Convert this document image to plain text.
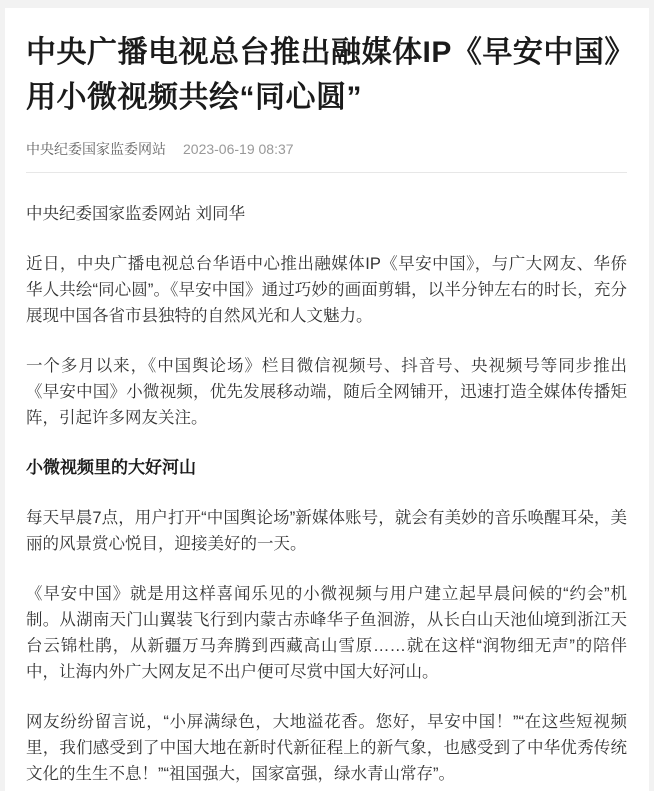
中央广播电视总台推出融媒体IP《早安中国》用小微视频共绘“同心圆”
中央纪委国家监委网站 2023-06-19 08:37

中央纪委国家监委网站 刘同华

近日，中央广播电视总台华语中心推出融媒体IP《早安中国》，与广大网友、华侨华人共绘“同心圆”。《早安中国》通过巧妙的画面剪辑，以半分钟左右的时长，充分展现中国各省市县独特的自然风光和人文魅力。

一个多月以来，《中国舆论场》栏目微信视频号、抖音号、央视频号等同步推出《早安中国》小微视频，优先发展移动端，随后全网铺开，迅速打造全媒体传播矩阵，引起许多网友关注。

小微视频里的大好河山

每天早晨7点，用户打开“中国舆论场”新媒体账号，就会有美妙的音乐唤醒耳朵，美丽的风景赏心悦目，迎接美好的一天。

《早安中国》就是用这样喜闻乐见的小微视频与用户建立起早晨问候的“约会”机制。从湖南天门山翼装飞行到内蒙古赤峰华子鱼洄游，从长白山天池仙境到浙江天台云锦杜鹃，从新疆万马奔腾到西藏高山雪原……就在这样“润物细无声”的陪伴中，让海内外广大网友足不出户便可尽赏中国大好河山。

网友纷纷留言说，“小屏满绿色，大地溢花香。您好，早安中国！”“在这些短视频里，我们感受到了中国大地在新时代新征程上的新气象，也感受到了中华优秀传统文化的生生不息！”“祖国强大，国家富强，绿水青山常存”。
